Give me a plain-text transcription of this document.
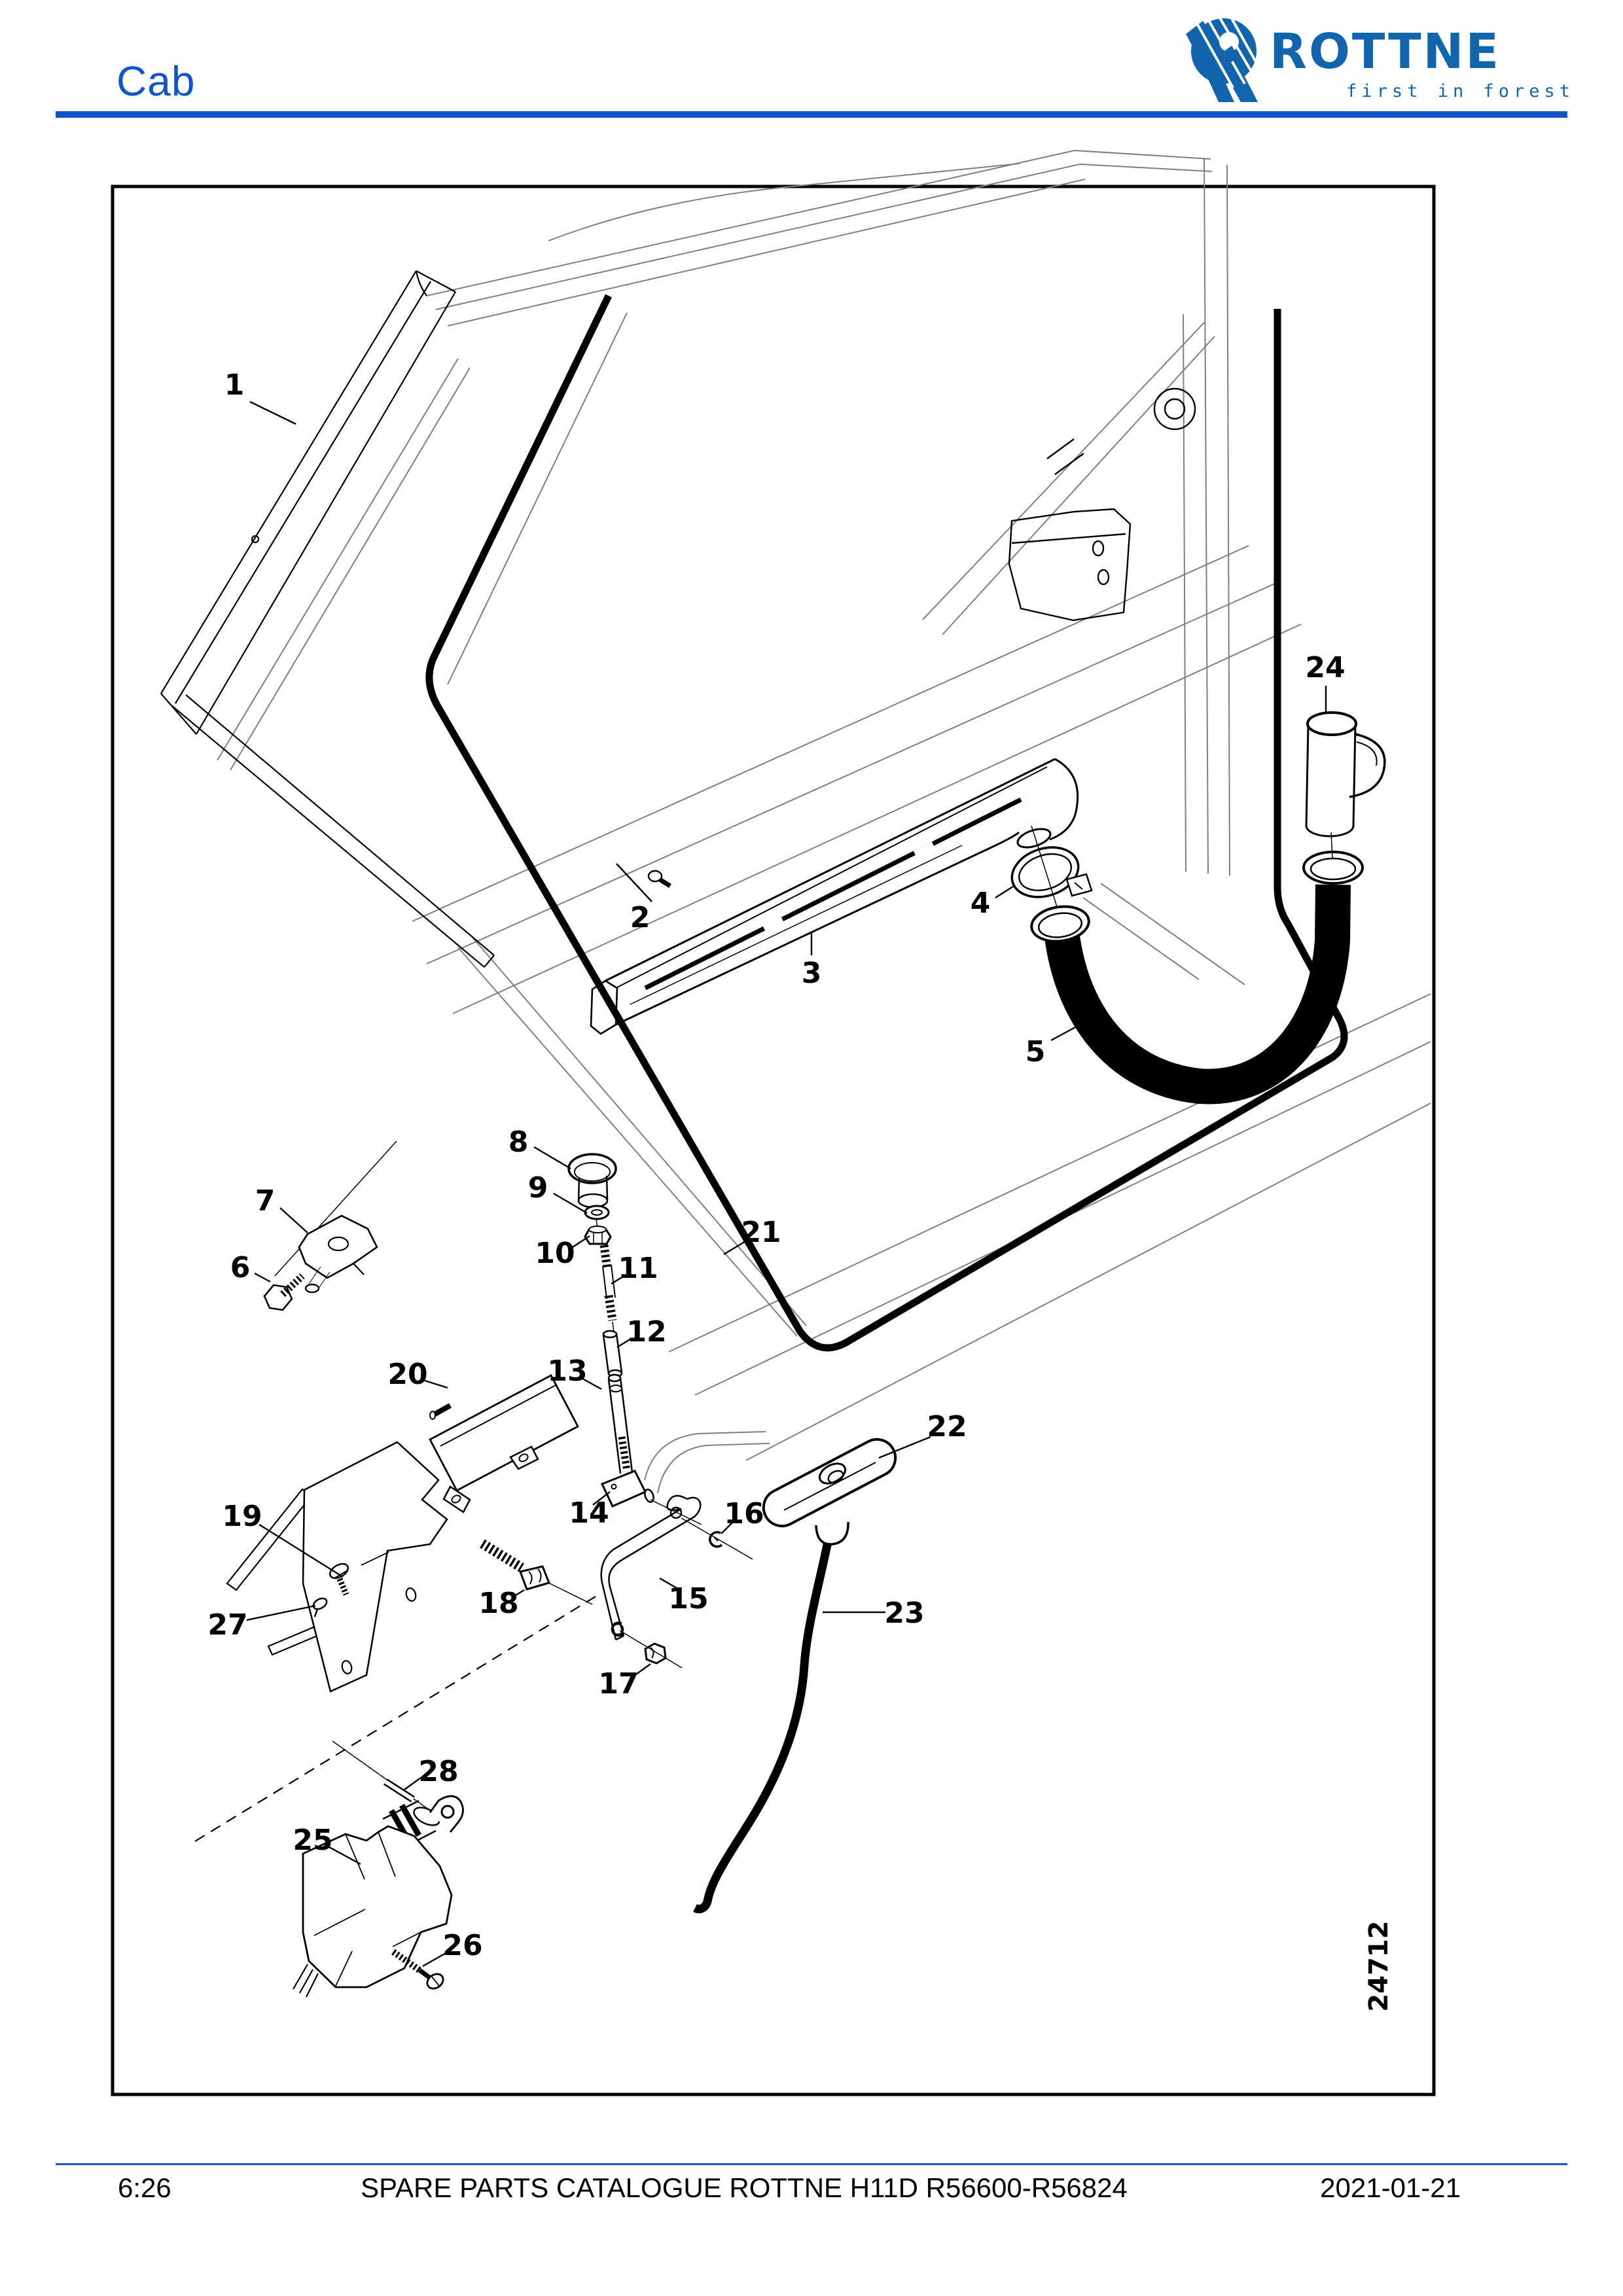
Cab
ROTTNE
first in forest
1
2
3
4
5
6
7
8
9
10 11
12
13
14
15
16
17
18
19
20
21
22
23
24
25
26
27
28
24712
6:26	SPARE PARTS CATALOGUE ROTTNE H11D R56600-R56824	2021-01-21
